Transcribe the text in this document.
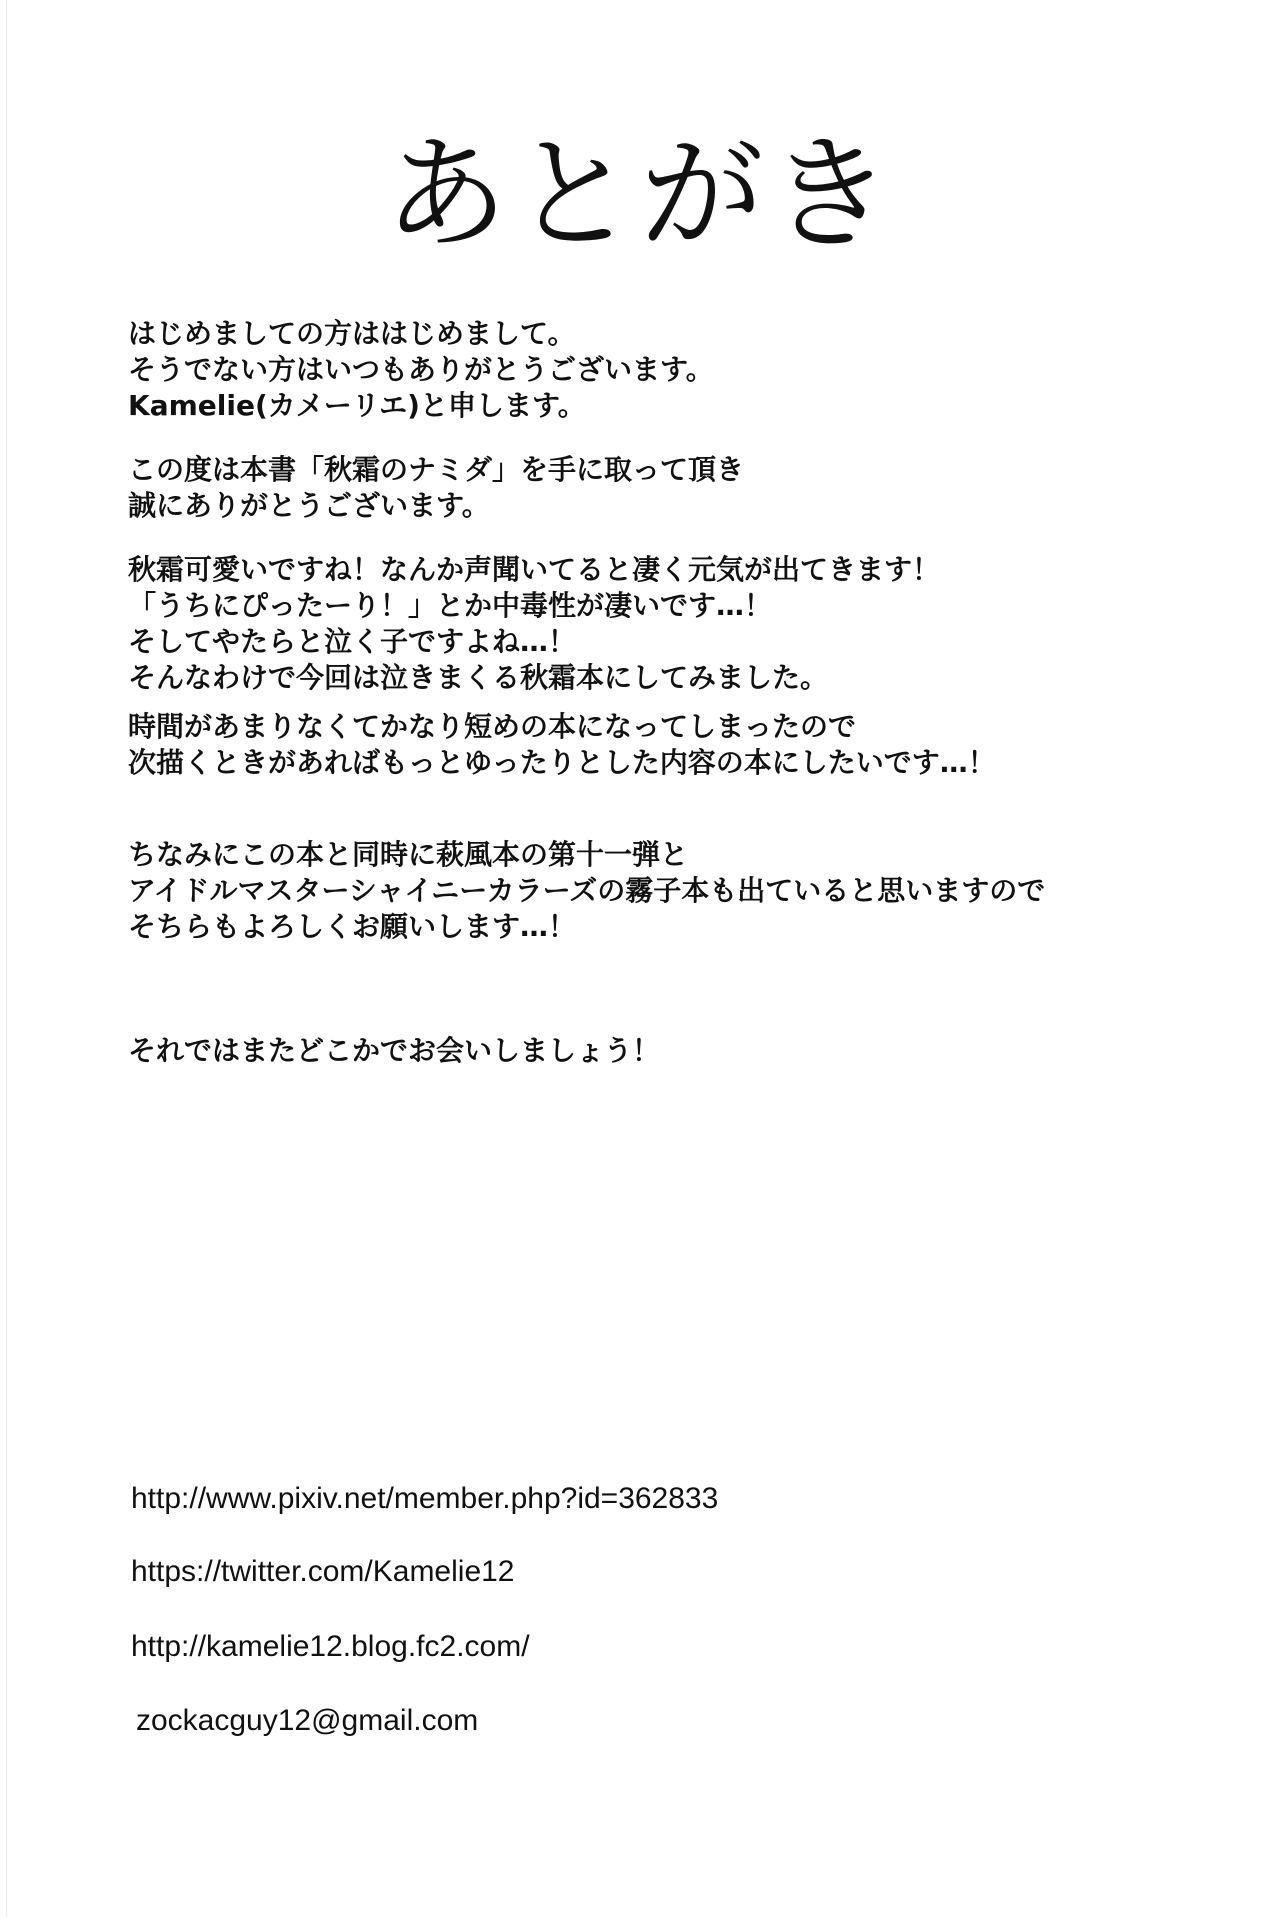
あとがき
はじめましての方ははじめまして。
そうでない方はいつもありがとうございます。
Kamelie(カメーリエ)と申します。
この度は本書「秋霜のナミダ」を手に取って頂き
誠にありがとうございます。
秋霜可愛いですね！なんか声聞いてると凄く元気が出てきます！
「うちにぴったーり！」とか中毒性が凄いです…！
そしてやたらと泣く子ですよね…！
そんなわけで今回は泣きまくる秋霜本にしてみました。
時間があまりなくてかなり短めの本になってしまったので
次描くときがあればもっとゆったりとした内容の本にしたいです…！
ちなみにこの本と同時に萩風本の第十一弾と
アイドルマスターシャイニーカラーズの霧子本も出ていると思いますので
そちらもよろしくお願いします…！
それではまたどこかでお会いしましょう！
http://www.pixiv.net/member.php?id=362833
https://twitter.com/Kamelie12
http://kamelie12.blog.fc2.com/
zockacguy12@gmail.com
